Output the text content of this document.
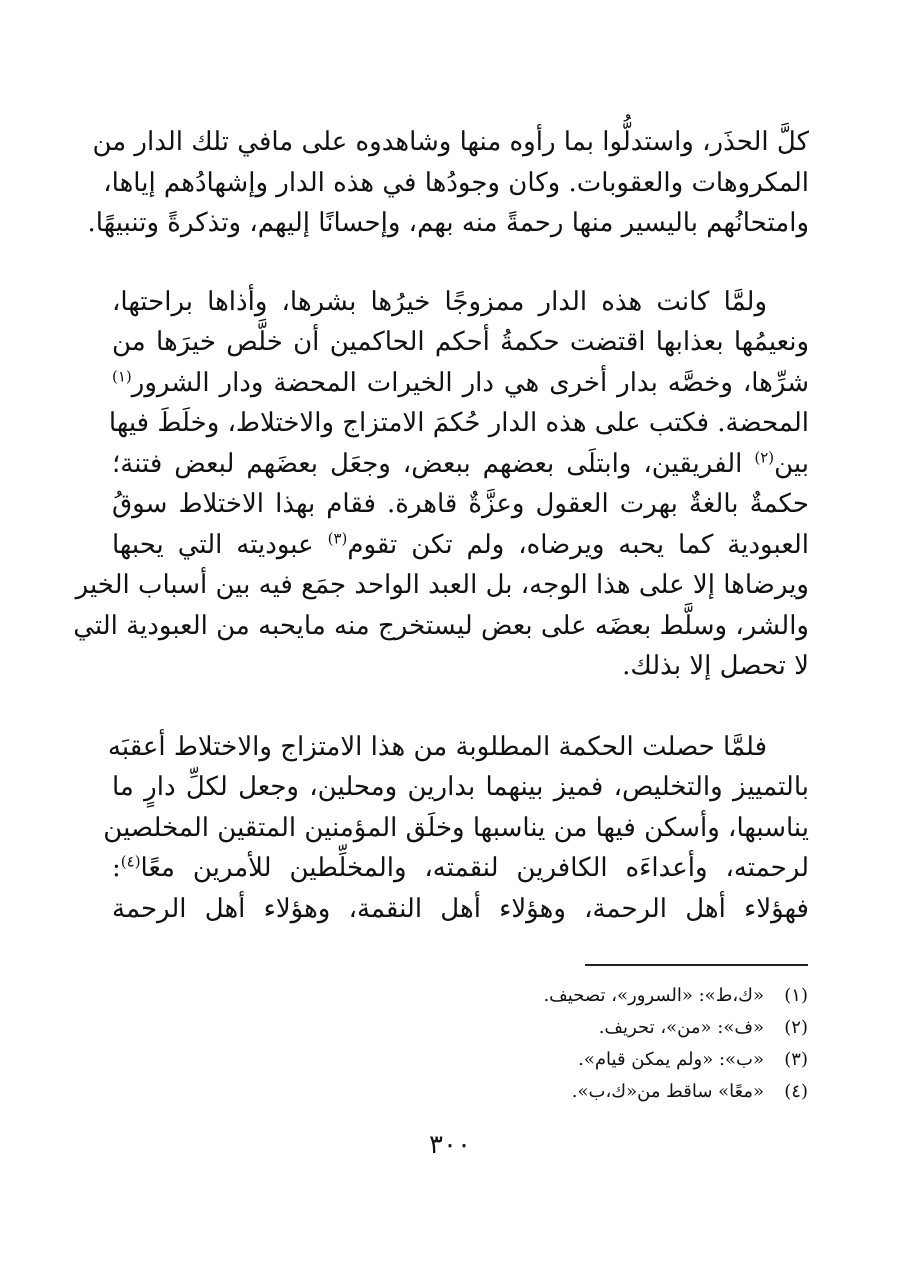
كلَّ الحذَر، واستدلُّوا بما رأوه منها وشاهدوه على مافي تلك الدار من
المكروهات والعقوبات. وكان وجودُها في هذه الدار وإشهادُهم إياها،
وامتحانُهم باليسير منها رحمةً منه بهم، وإحسانًا إليهم، وتذكرةً وتنبيهًا.

ولمَّا كانت هذه الدار ممزوجًا خيرُها بشرها، وأذاها براحتها،
ونعيمُها بعذابها اقتضت حكمةُ أحكم الحاكمين أن خلَّص خيرَها من
شرِّها، وخصَّه بدار أخرى هي دار الخيرات المحضة ودار الشرور$^{(١)}$
المحضة. فكتب على هذه الدار حُكمَ الامتزاج والاختلاط، وخلَطَ فيها
بين$^{(٢)}$ الفريقين، وابتلَى بعضهم ببعض، وجعَل بعضَهم لبعض فتنة؛
حكمةٌ بالغةٌ بهرت العقول وعزَّةٌ قاهرة. فقام بهذا الاختلاط سوقُ
العبودية كما يحبه ويرضاه، ولم تكن تقوم$^{(٣)}$ عبوديته التي يحبها
ويرضاها إلا على هذا الوجه، بل العبد الواحد جمَع فيه بين أسباب الخير
والشر، وسلَّط بعضَه على بعض ليستخرج منه مايحبه من العبودية التي
لا تحصل إلا بذلك.

فلمَّا حصلت الحكمة المطلوبة من هذا الامتزاج والاختلاط أعقبَه
بالتمييز والتخليص، فميز بينهما بدارين ومحلين، وجعل لكلِّ دارٍ ما
يناسبها، وأسكن فيها من يناسبها وخلَق المؤمنين المتقين المخلصين
لرحمته، وأعداءَه الكافرين لنقمته، والمخلِّطين للأمرين معًا$^{(٤)}$:
فهؤلاء أهل الرحمة، وهؤلاء أهل النقمة، وهؤلاء أهل الرحمة

(١)«ك،ط»: «السرور»، تصحيف.
(٢)«ف»: «من»، تحريف.
(٣)«ب»: «ولم يمكن قيام».
(٤)«معًا» ساقط من«ك،ب».
٣٠٠
